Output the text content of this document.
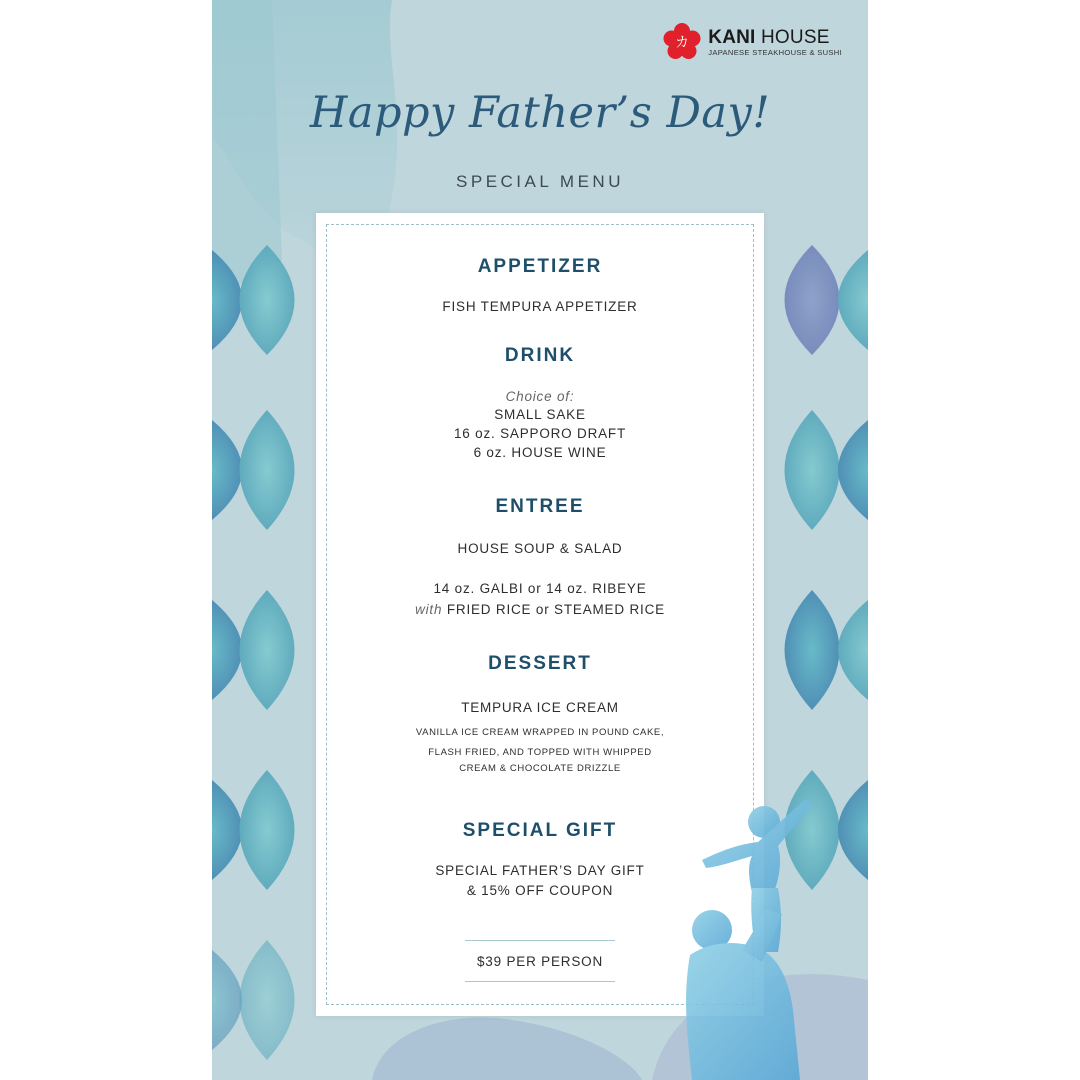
カ KANI HOUSE
JAPANESE STEAKHOUSE & SUSHI
Happy Father’s Day!
SPECIAL MENU
APPETIZER
FISH TEMPURA APPETIZER
DRINK
Choice of:
SMALL SAKE
16 oz. SAPPORO DRAFT
6 oz. HOUSE WINE
ENTREE
HOUSE SOUP & SALAD
14 oz. GALBI or 14 oz. RIBEYE
with FRIED RICE or STEAMED RICE
DESSERT
TEMPURA ICE CREAM
VANILLA ICE CREAM WRAPPED IN POUND CAKE,
FLASH FRIED, AND TOPPED WITH WHIPPED
CREAM & CHOCOLATE DRIZZLE
SPECIAL GIFT
SPECIAL FATHER’S DAY GIFT
& 15% OFF COUPON
$39 PER PERSON
